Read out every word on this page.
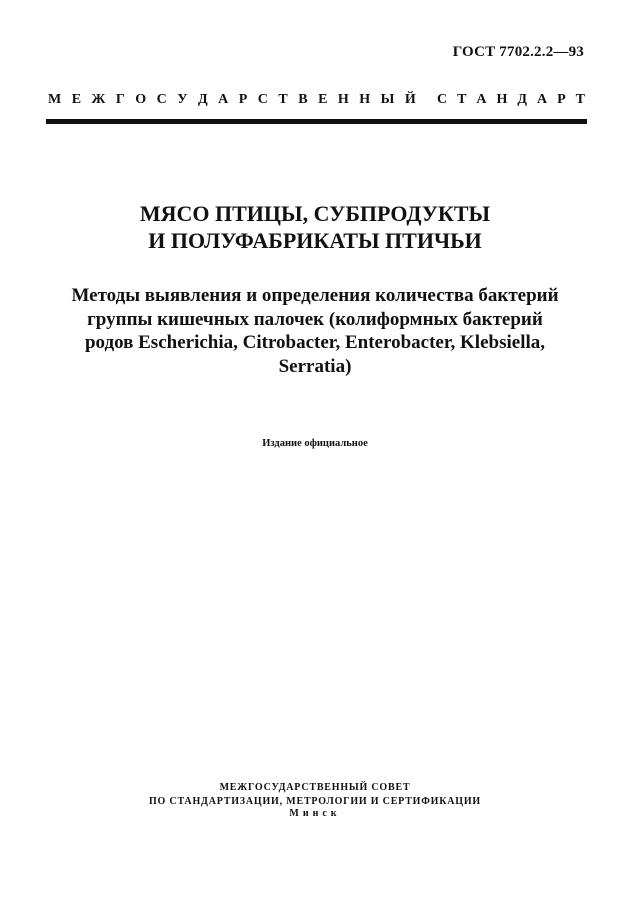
ГОСТ 7702.2.2—93
М Е Ж Г О С У Д А Р С Т В Е Н Н Ы Й С Т А Н Д А Р Т
МЯСО ПТИЦЫ, СУБПРОДУКТЫ
И ПОЛУФАБРИКАТЫ ПТИЧЬИ
Методы выявления и определения количества бактерий
группы кишечных палочек (колиформных бактерий
родов Escherichia, Citrobacter, Enterobacter, Klebsiella,
Serratia)
Издание официальное
МЕЖГОСУДАРСТВЕННЫЙ СОВЕТ
ПО СТАНДАРТИЗАЦИИ, МЕТРОЛОГИИ И СЕРТИФИКАЦИИ
Минск
